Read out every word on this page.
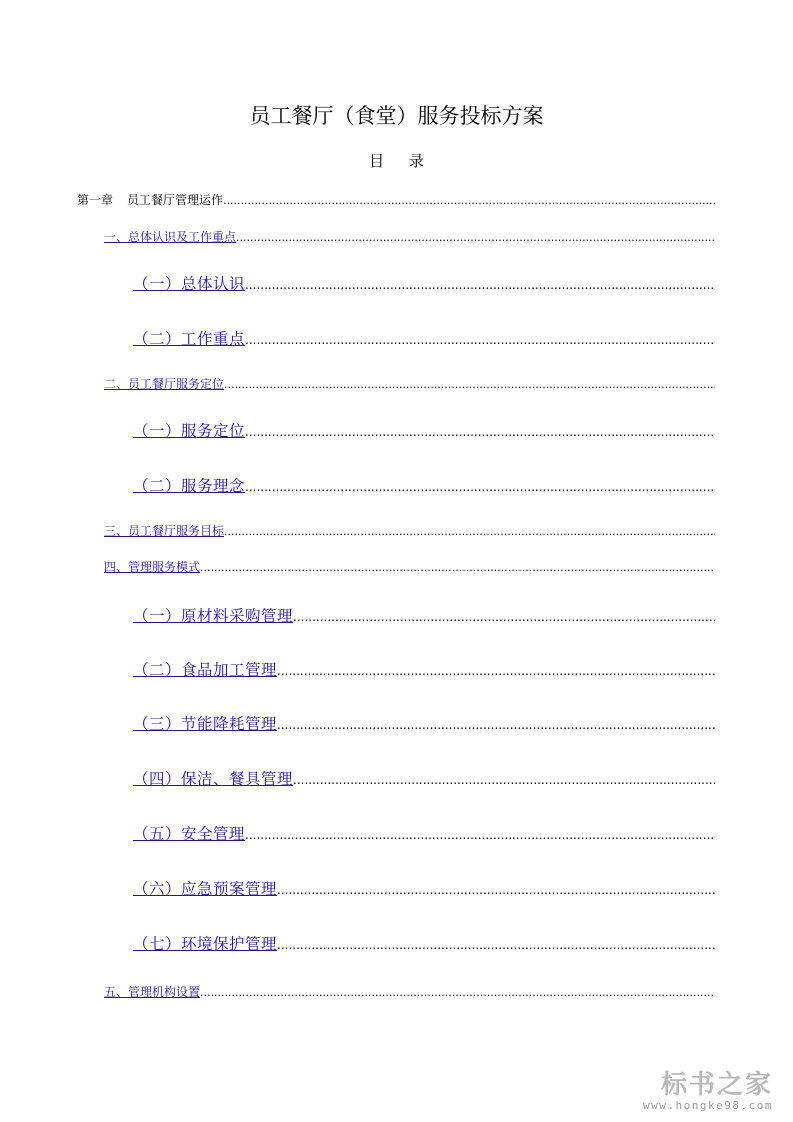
员工餐厅（食堂）服务投标方案
目 录
第一章 员工餐厅管理运作
.....
一、总体认识及工作重点
.....
（一）总体认识
.....
（二）工作重点
.....
二、员工餐厅服务定位
.....
（一）服务定位
.....
（二）服务理念
.....
三、员工餐厅服务目标
.....
四、管理服务模式
.....
（一）原材料采购管理
.....
（二）食品加工管理
.....
（三）节能降耗管理
.....
（四）保洁、餐具管理
.....
（五）安全管理
.....
（六）应急预案管理
.....
（七）环境保护管理
.....
五、管理机构设置
.....
标书之家
www.hongke98.com
